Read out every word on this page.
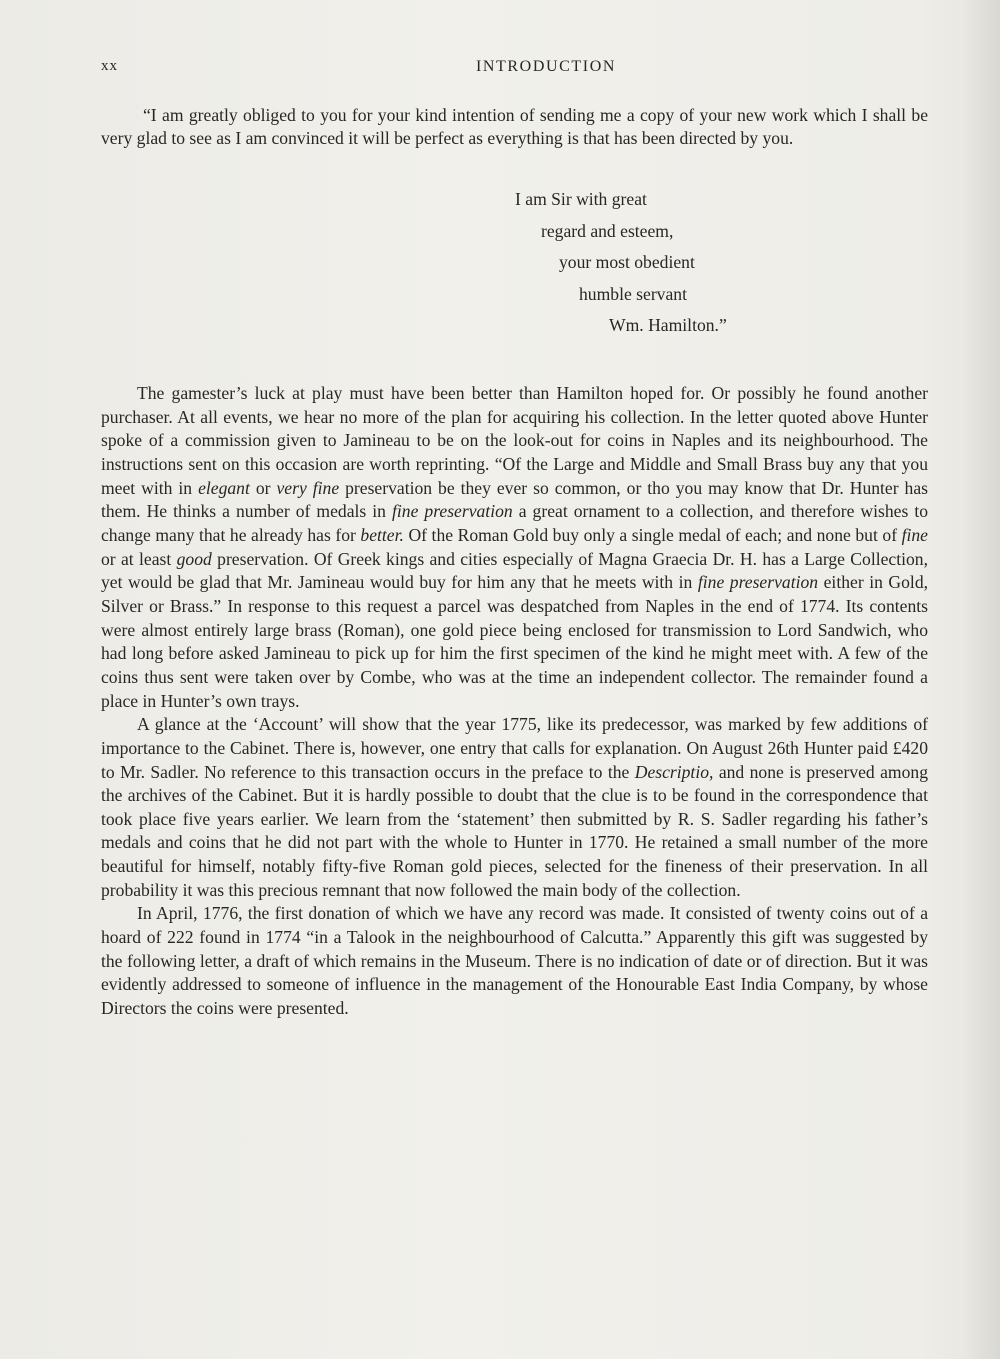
xx	INTRODUCTION

“I am greatly obliged to you for your kind intention of sending me a copy of your new work which I shall be very glad to see as I am convinced it will be perfect as everything is that has been directed by you.

I am Sir with great
regard and esteem,
your most obedient
humble servant
Wm. Hamilton.”

The gamester’s luck at play must have been better than Hamilton hoped for. Or possibly he found another purchaser. At all events, we hear no more of the plan for acquiring his collection. In the letter quoted above Hunter spoke of a commission given to Jamineau to be on the look-out for coins in Naples and its neighbourhood. The instructions sent on this occasion are worth reprinting. “Of the Large and Middle and Small Brass buy any that you meet with in elegant or very fine preservation be they ever so common, or tho you may know that Dr. Hunter has them. He thinks a number of medals in fine preservation a great ornament to a collection, and therefore wishes to change many that he already has for better. Of the Roman Gold buy only a single medal of each; and none but of fine or at least good preservation. Of Greek kings and cities especially of Magna Graecia Dr. H. has a Large Collection, yet would be glad that Mr. Jamineau would buy for him any that he meets with in fine preservation either in Gold, Silver or Brass.” In response to this request a parcel was despatched from Naples in the end of 1774. Its contents were almost entirely large brass (Roman), one gold piece being enclosed for transmission to Lord Sandwich, who had long before asked Jamineau to pick up for him the first specimen of the kind he might meet with. A few of the coins thus sent were taken over by Combe, who was at the time an independent collector. The remainder found a place in Hunter’s own trays.

A glance at the ‘Account’ will show that the year 1775, like its predecessor, was marked by few additions of importance to the Cabinet. There is, however, one entry that calls for explanation. On August 26th Hunter paid £420 to Mr. Sadler. No reference to this transaction occurs in the preface to the Descriptio, and none is preserved among the archives of the Cabinet. But it is hardly possible to doubt that the clue is to be found in the correspondence that took place five years earlier. We learn from the ‘statement’ then submitted by R. S. Sadler regarding his father’s medals and coins that he did not part with the whole to Hunter in 1770. He retained a small number of the more beautiful for himself, notably fifty-five Roman gold pieces, selected for the fineness of their preservation. In all probability it was this precious remnant that now followed the main body of the collection.

In April, 1776, the first donation of which we have any record was made. It consisted of twenty coins out of a hoard of 222 found in 1774 “in a Talook in the neighbourhood of Calcutta.” Apparently this gift was suggested by the following letter, a draft of which remains in the Museum. There is no indication of date or of direction. But it was evidently addressed to someone of influence in the management of the Honourable East India Company, by whose Directors the coins were presented.
